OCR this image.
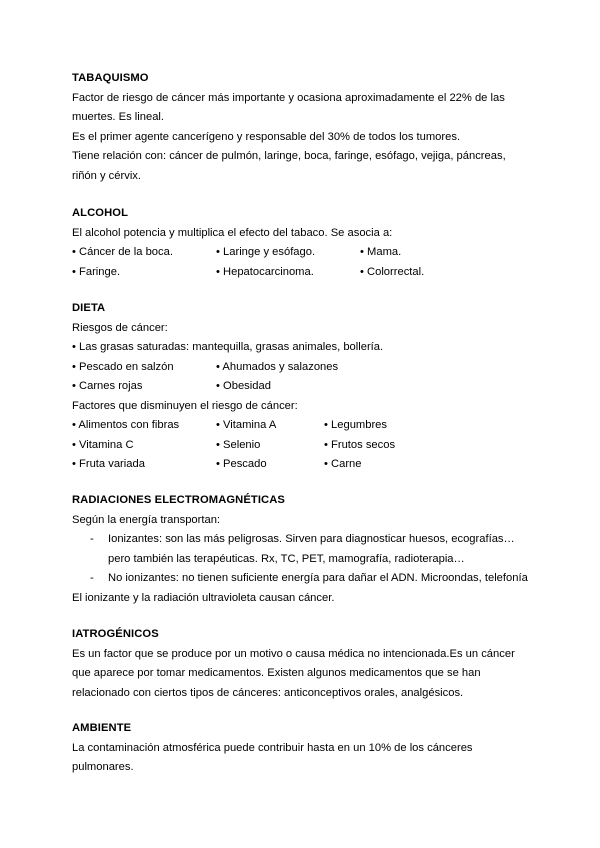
TABAQUISMO
Factor de riesgo de cáncer más importante y ocasiona aproximadamente el 22% de las
muertes. Es lineal.
Es el primer agente cancerígeno y responsable del 30% de todos los tumores.
Tiene relación con: cáncer de pulmón, laringe, boca, faringe, esófago, vejiga, páncreas,
riñón y cérvix.
ALCOHOL
El alcohol potencia y multiplica el efecto del tabaco. Se asocia a:
• Cáncer de la boca.	• Laringe y esófago.	• Mama.
• Faringe.	• Hepatocarcinoma.	• Colorrectal.
DIETA
Riesgos de cáncer:
• Las grasas saturadas: mantequilla, grasas animales, bollería.
• Pescado en salzón	• Ahumados y salazones
• Carnes rojas	• Obesidad
Factores que disminuyen el riesgo de cáncer:
• Alimentos con fibras	• Vitamina A	• Legumbres
• Vitamina C	• Selenio	• Frutos secos
• Fruta variada	• Pescado	• Carne
RADIACIONES ELECTROMAGNÉTICAS
Según la energía transportan:
- Ionizantes: son las más peligrosas. Sirven para diagnosticar huesos, ecografías…
pero también las terapéuticas. Rx, TC, PET, mamografía, radioterapia…
- No ionizantes: no tienen suficiente energía para dañar el ADN. Microondas, telefonía
El ionizante y la radiación ultravioleta causan cáncer.
IATROGÉNICOS
Es un factor que se produce por un motivo o causa médica no intencionada.Es un cáncer
que aparece por tomar medicamentos. Existen algunos medicamentos que se han
relacionado con ciertos tipos de cánceres: anticonceptivos orales, analgésicos.
AMBIENTE
La contaminación atmosférica puede contribuir hasta en un 10% de los cánceres
pulmonares.
